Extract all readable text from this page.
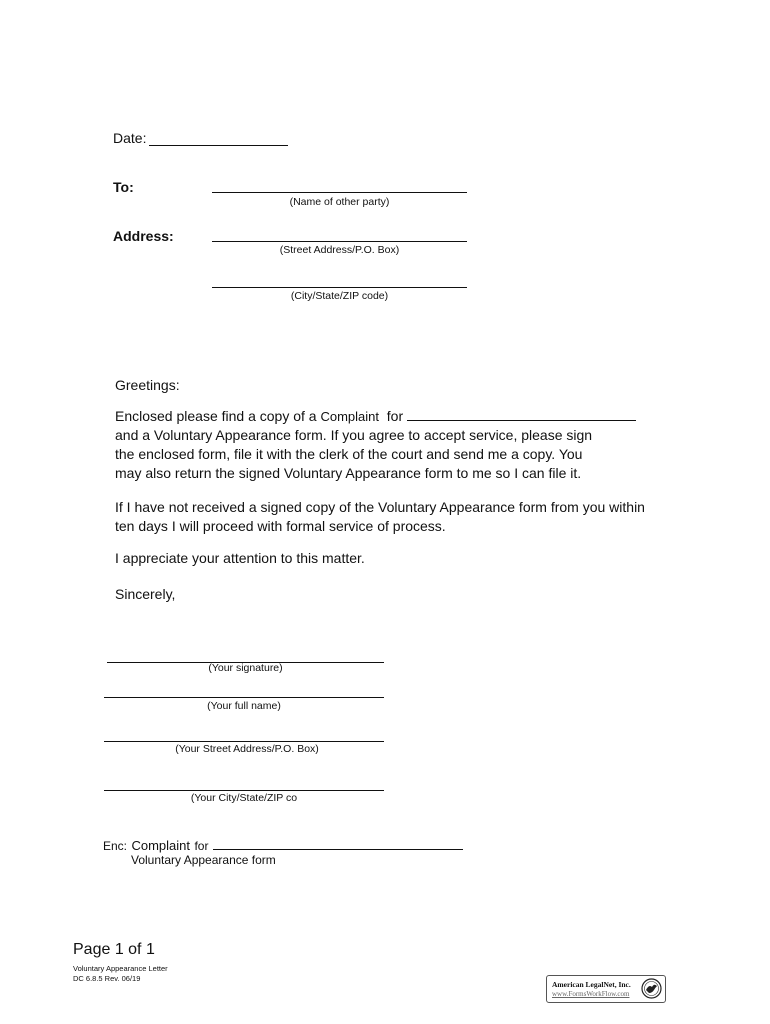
Date:
To:
(Name of other party)
Address:
(Street Address/P.O. Box)
(City/State/ZIP code)
Greetings:
Enclosed please find a copy of a Complaint for
and a Voluntary Appearance form. If you agree to accept service, please sign
the enclosed form, file it with the clerk of the court and send me a copy. You
may also return the signed Voluntary Appearance form to me so I can file it.
If I have not received a signed copy of the Voluntary Appearance form from you within
ten days I will proceed with formal service of process.
I appreciate your attention to this matter.
Sincerely,
(Your signature)
(Your full name)
(Your Street Address/P.O. Box)
(Your City/State/ZIP co
Enc: Complaint for
Voluntary Appearance form
Page 1 of 1
Voluntary Appearance Letter
DC 6.8.5 Rev. 06/19
American LegalNet, Inc.
www.FormsWorkFlow.com
